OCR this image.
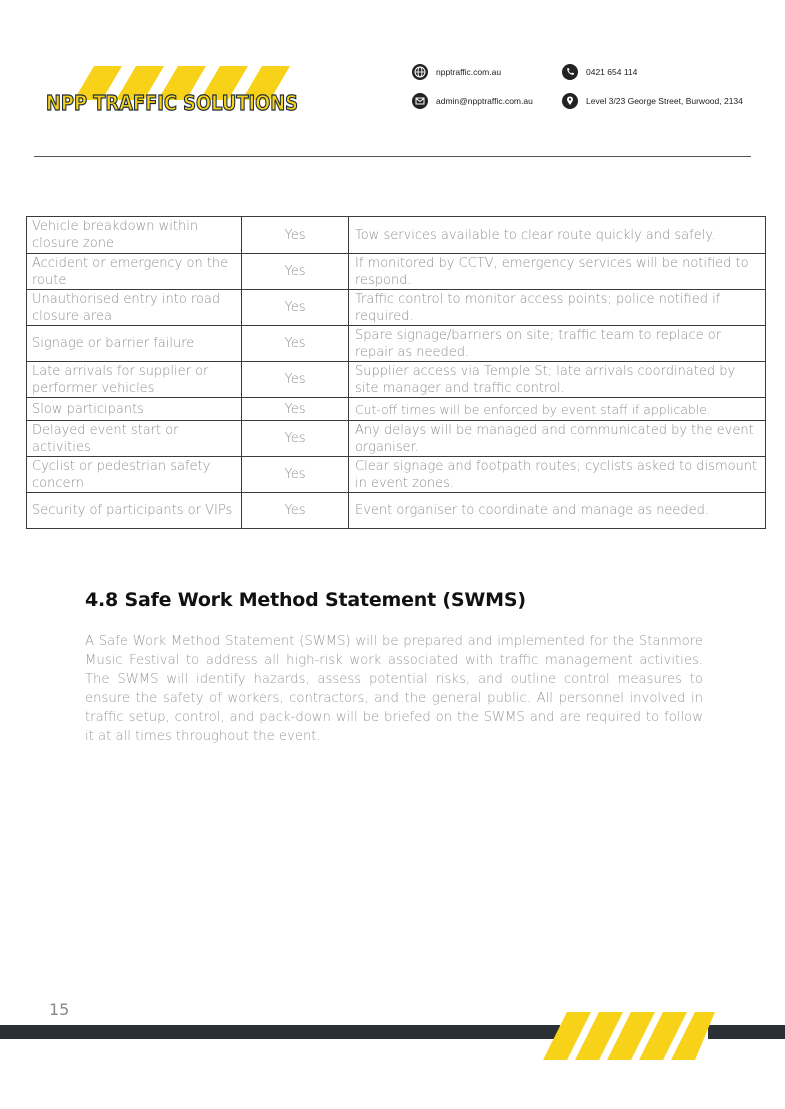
NPP TRAFFIC SOLUTIONS
npptraffic.com.au	0421 654 114
admin@npptraffic.com.au	Level 3/23 George Street, Burwood, 2134
Vehicle breakdown within closure zone	Yes	Tow services available to clear route quickly and safely.
Accident or emergency on the route	Yes	If monitored by CCTV, emergency services will be notified to respond.
Unauthorised entry into road closure area	Yes	Traffic control to monitor access points; police notified if required.
Signage or barrier failure	Yes	Spare signage/barriers on site; traffic team to replace or repair as needed.
Late arrivals for supplier or performer vehicles	Yes	Supplier access via Temple St; late arrivals coordinated by site manager and traffic control.
Slow participants	Yes	Cut-off times will be enforced by event staff if applicable.
Delayed event start or activities	Yes	Any delays will be managed and communicated by the event organiser.
Cyclist or pedestrian safety concern	Yes	Clear signage and footpath routes; cyclists asked to dismount in event zones.
Security of participants or VIPs	Yes	Event organiser to coordinate and manage as needed.
4.8 Safe Work Method Statement (SWMS)

A Safe Work Method Statement (SWMS) will be prepared and implemented for the Stanmore Music Festival to address all high-risk work associated with traffic management activities. The SWMS will identify hazards, assess potential risks, and outline control measures to ensure the safety of workers, contractors, and the general public. All personnel involved in traffic setup, control, and pack-down will be briefed on the SWMS and are required to follow it at all times throughout the event.

15
